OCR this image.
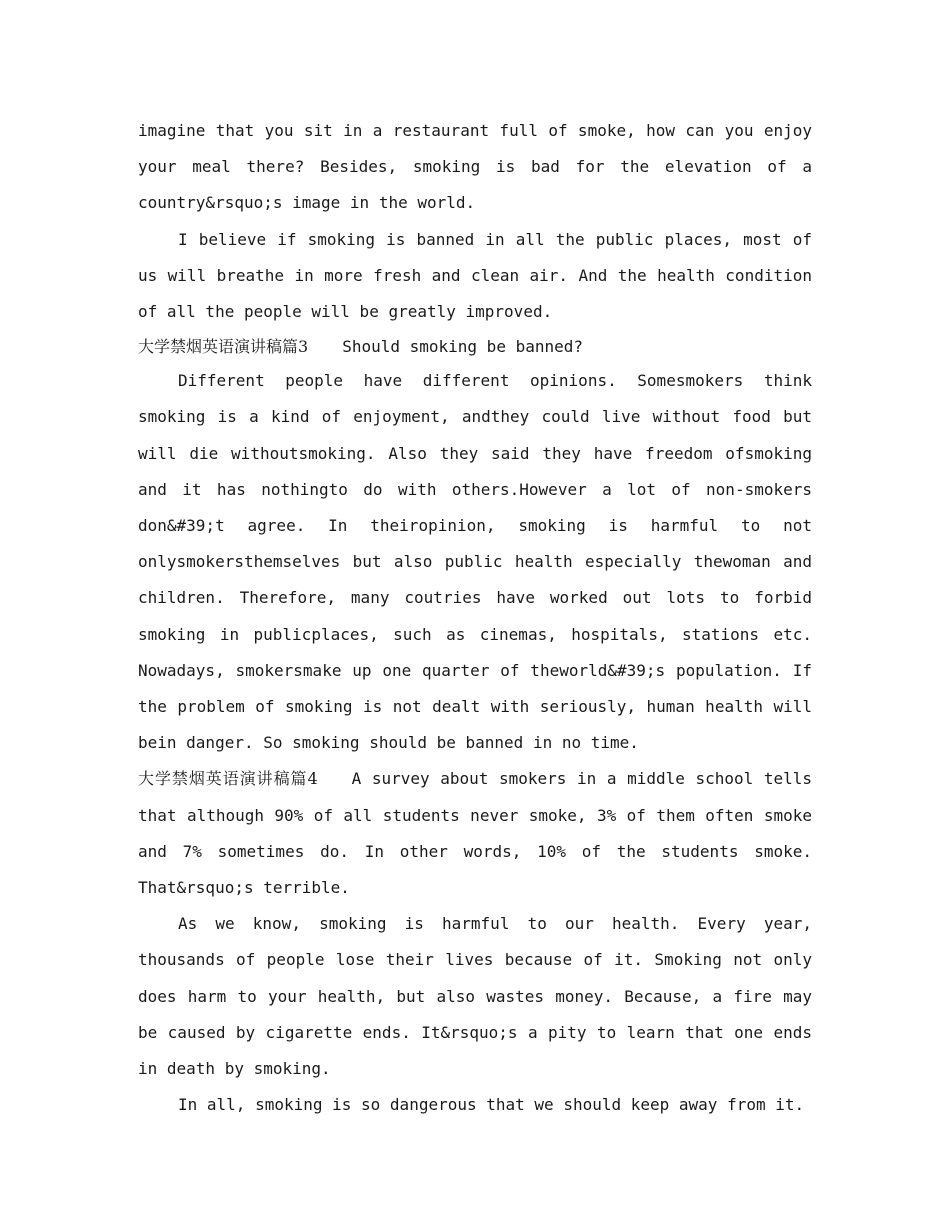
imagine that you sit in a restaurant full of smoke, how can you enjoy your meal there? Besides, smoking is bad for the elevation of a country&rsquo;s image in the world.

I believe if smoking is banned in all the public places, most of us will breathe in more fresh and clean air. And the health condition of all the people will be greatly improved.

大学禁烟英语演讲稿篇3 Should smoking be banned?

Different people have different opinions. Somesmokers think smoking is a kind of enjoyment, andthey could live without food but will die withoutsmoking. Also they said they have freedom ofsmoking and it has nothingto do with others.However a lot of non-smokers don&#39;t agree. In theiropinion, smoking is harmful to not onlysmokersthemselves but also public health especially thewoman and children. Therefore, many coutries have worked out lots to forbid smoking in publicplaces, such as cinemas, hospitals, stations etc. Nowadays, smokersmake up one quarter of theworld&#39;s population. If the problem of smoking is not dealt with seriously, human health will bein danger. So smoking should be banned in no time.

大学禁烟英语演讲稿篇4 A survey about smokers in a middle school tells that although 90% of all students never smoke, 3% of them often smoke and 7% sometimes do. In other words, 10% of the students smoke. That&rsquo;s terrible.

As we know, smoking is harmful to our health. Every year, thousands of people lose their lives because of it. Smoking not only does harm to your health, but also wastes money. Because, a fire may be caused by cigarette ends. It&rsquo;s a pity to learn that one ends in death by smoking.

In all, smoking is so dangerous that we should keep away from it.
